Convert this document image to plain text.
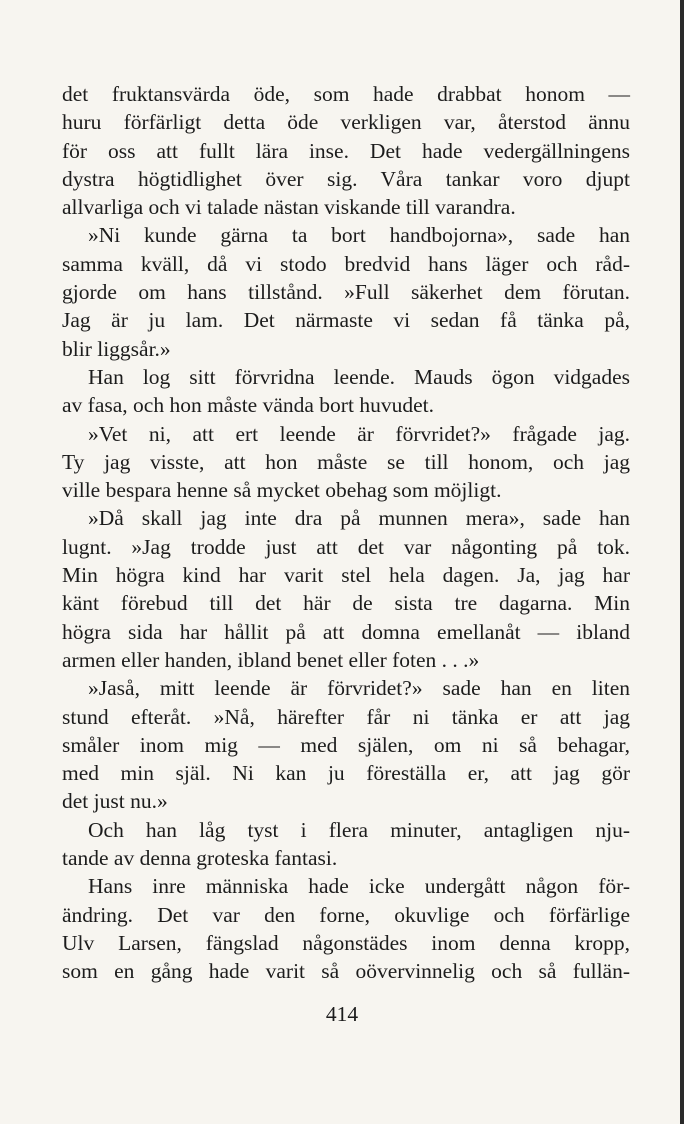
det fruktansvärda öde, som hade drabbat honom —
huru förfärligt detta öde verkligen var, återstod ännu
för oss att fullt lära inse. Det hade vedergällningens
dystra högtidlighet över sig. Våra tankar voro djupt
allvarliga och vi talade nästan viskande till varandra.
»Ni kunde gärna ta bort handbojorna», sade han
samma kväll, då vi stodo bredvid hans läger och råd-
gjorde om hans tillstånd. »Full säkerhet dem förutan.
Jag är ju lam. Det närmaste vi sedan få tänka på,
blir liggsår.»
Han log sitt förvridna leende. Mauds ögon vidgades
av fasa, och hon måste vända bort huvudet.
»Vet ni, att ert leende är förvridet?» frågade jag.
Ty jag visste, att hon måste se till honom, och jag
ville bespara henne så mycket obehag som möjligt.
»Då skall jag inte dra på munnen mera», sade han
lugnt. »Jag trodde just att det var någonting på tok.
Min högra kind har varit stel hela dagen. Ja, jag har
känt förebud till det här de sista tre dagarna. Min
högra sida har hållit på att domna emellanåt — ibland
armen eller handen, ibland benet eller foten . . .»
»Jaså, mitt leende är förvridet?» sade han en liten
stund efteråt. »Nå, härefter får ni tänka er att jag
småler inom mig — med själen, om ni så behagar,
med min själ. Ni kan ju föreställa er, att jag gör
det just nu.»
Och han låg tyst i flera minuter, antagligen nju-
tande av denna groteska fantasi.
Hans inre människa hade icke undergått någon för-
ändring. Det var den forne, okuvlige och förfärlige
Ulv Larsen, fängslad någonstädes inom denna kropp,
som en gång hade varit så oövervinnelig och så fullän-
414
